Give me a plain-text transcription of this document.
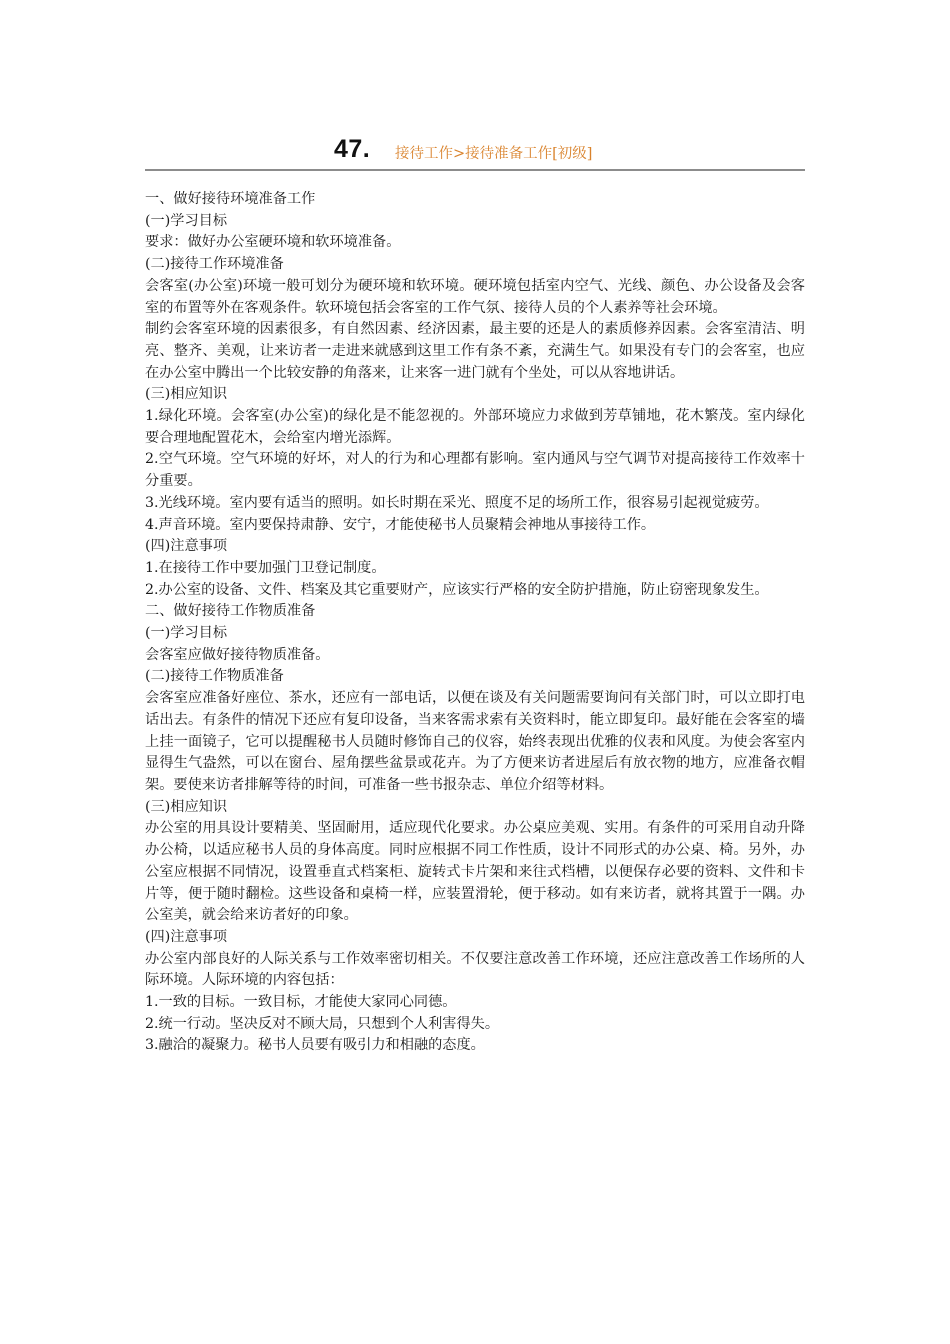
47. 接待工作>接待准备工作[初级]

一、做好接待环境准备工作

(一)学习目标

要求：做好办公室硬环境和软环境准备。

(二)接待工作环境准备

会客室(办公室)环境一般可划分为硬环境和软环境。硬环境包括室内空气、光线、颜色、办公设备及会客室的布置等外在客观条件。软环境包括会客室的工作气氛、接待人员的个人素养等社会环境。

制约会客室环境的因素很多，有自然因素、经济因素，最主要的还是人的素质修养因素。会客室清洁、明亮、整齐、美观，让来访者一走进来就感到这里工作有条不紊，充满生气。如果没有专门的会客室，也应在办公室中腾出一个比较安静的角落来，让来客一进门就有个坐处，可以从容地讲话。

(三)相应知识

1.绿化环境。会客室(办公室)的绿化是不能忽视的。外部环境应力求做到芳草铺地，花木繁茂。室内绿化要合理地配置花木，会给室内增光添辉。

2.空气环境。空气环境的好坏，对人的行为和心理都有影响。室内通风与空气调节对提高接待工作效率十分重要。

3.光线环境。室内要有适当的照明。如长时期在采光、照度不足的场所工作，很容易引起视觉疲劳。

4.声音环境。室内要保持肃静、安宁，才能使秘书人员聚精会神地从事接待工作。

(四)注意事项

1.在接待工作中要加强门卫登记制度。

2.办公室的设备、文件、档案及其它重要财产，应该实行严格的安全防护措施，防止窃密现象发生。

二、做好接待工作物质准备

(一)学习目标

会客室应做好接待物质准备。

(二)接待工作物质准备

会客室应准备好座位、茶水，还应有一部电话，以便在谈及有关问题需要询问有关部门时，可以立即打电话出去。有条件的情况下还应有复印设备，当来客需求索有关资料时，能立即复印。最好能在会客室的墙上挂一面镜子，它可以提醒秘书人员随时修饰自己的仪容，始终表现出优雅的仪表和风度。为使会客室内显得生气盎然，可以在窗台、屋角摆些盆景或花卉。为了方便来访者进屋后有放衣物的地方，应准备衣帽架。要使来访者排解等待的时间，可准备一些书报杂志、单位介绍等材料。

(三)相应知识

办公室的用具设计要精美、坚固耐用，适应现代化要求。办公桌应美观、实用。有条件的可采用自动升降办公椅，以适应秘书人员的身体高度。同时应根据不同工作性质，设计不同形式的办公桌、椅。另外，办公室应根据不同情况，设置垂直式档案柜、旋转式卡片架和来往式档槽，以便保存必要的资料、文件和卡片等，便于随时翻检。这些设备和桌椅一样，应装置滑轮，便于移动。如有来访者，就将其置于一隅。办公室美，就会给来访者好的印象。

(四)注意事项

办公室内部良好的人际关系与工作效率密切相关。不仅要注意改善工作环境，还应注意改善工作场所的人际环境。人际环境的内容包括：

1.一致的目标。一致目标，才能使大家同心同德。

2.统一行动。坚决反对不顾大局，只想到个人利害得失。

3.融洽的凝聚力。秘书人员要有吸引力和相融的态度。
